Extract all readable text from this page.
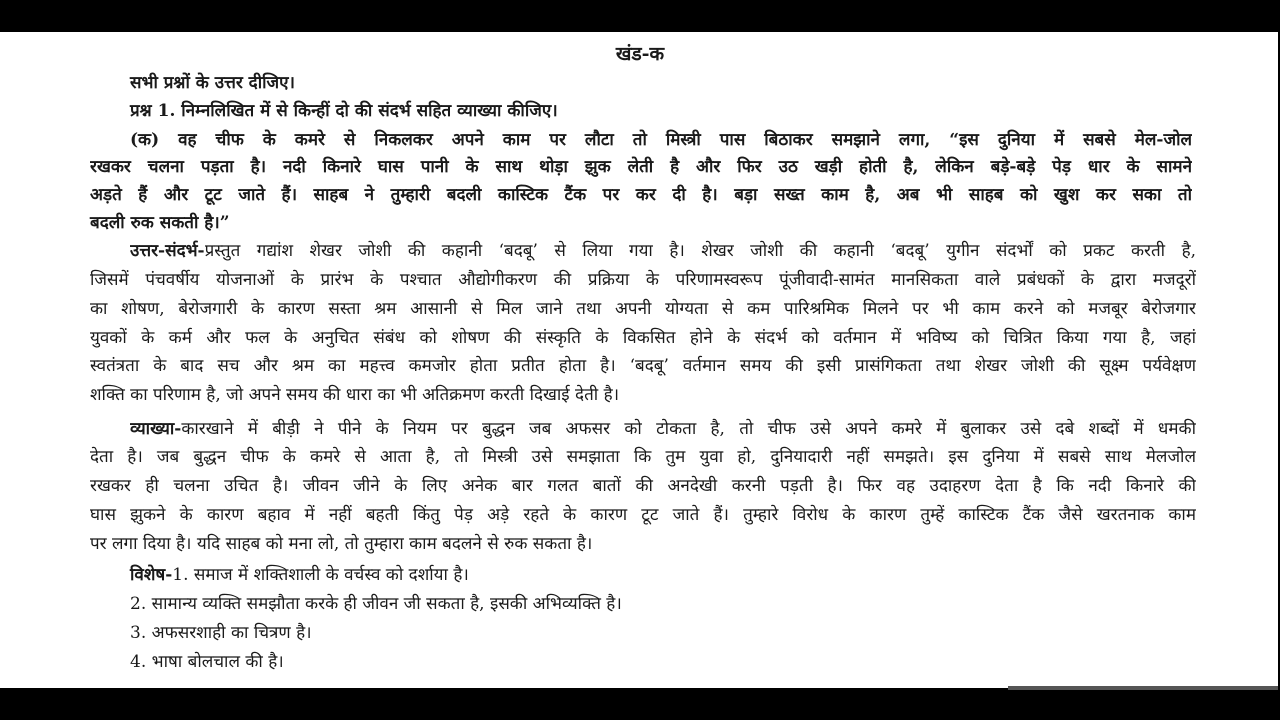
खंड-क
सभी प्रश्नों के उत्तर दीजिए।
प्रश्न 1. निम्नलिखित में से किन्हीं दो की संदर्भ सहित व्याख्या कीजिए।
(क) वह चीफ के कमरे से निकलकर अपने काम पर लौटा तो मिस्त्री पास बिठाकर समझाने लगा, “इस दुनिया में सबसे मेल-जोल
रखकर चलना पड़ता है। नदी किनारे घास पानी के साथ थोड़ा झुक लेती है और फिर उठ खड़ी होती है, लेकिन बड़े-बड़े पेड़ धार के सामने
अड़ते हैं और टूट जाते हैं। साहब ने तुम्हारी बदली कास्टिक टैंक पर कर दी है। बड़ा सख्त काम है, अब भी साहब को खुश कर सका तो
बदली रुक सकती है।”
उत्तर-संदर्भ- प्रस्तुत गद्यांश शेखर जोशी की कहानी ‘बदबू’ से लिया गया है। शेखर जोशी की कहानी ‘बदबू’ युगीन संदर्भों को प्रकट करती है,
जिसमें पंचवर्षीय योजनाओं के प्रारंभ के पश्चात औद्योगीकरण की प्रक्रिया के परिणामस्वरूप पूंजीवादी-सामंत मानसिकता वाले प्रबंधकों के द्वारा मजदूरों
का शोषण, बेरोजगारी के कारण सस्ता श्रम आसानी से मिल जाने तथा अपनी योग्यता से कम पारिश्रमिक मिलने पर भी काम करने को मजबूर बेरोजगार
युवकों के कर्म और फल के अनुचित संबंध को शोषण की संस्कृति के विकसित होने के संदर्भ को वर्तमान में भविष्य को चित्रित किया गया है, जहां
स्वतंत्रता के बाद सच और श्रम का महत्त्व कमजोर होता प्रतीत होता है। ‘बदबू’ वर्तमान समय की इसी प्रासंगिकता तथा शेखर जोशी की सूक्ष्म पर्यवेक्षण
शक्ति का परिणाम है, जो अपने समय की धारा का भी अतिक्रमण करती दिखाई देती है।
व्याख्या- कारखाने में बीड़ी ने पीने के नियम पर बुद्धन जब अफसर को टोकता है, तो चीफ उसे अपने कमरे में बुलाकर उसे दबे शब्दों में धमकी
देता है। जब बुद्धन चीफ के कमरे से आता है, तो मिस्त्री उसे समझाता कि तुम युवा हो, दुनियादारी नहीं समझते। इस दुनिया में सबसे साथ मेलजोल
रखकर ही चलना उचित है। जीवन जीने के लिए अनेक बार गलत बातों की अनदेखी करनी पड़ती है। फिर वह उदाहरण देता है कि नदी किनारे की
घास झुकने के कारण बहाव में नहीं बहती किंतु पेड़ अड़े रहते के कारण टूट जाते हैं। तुम्हारे विरोध के कारण तुम्हें कास्टिक टैंक जैसे खरतनाक काम
पर लगा दिया है। यदि साहब को मना लो, तो तुम्हारा काम बदलने से रुक सकता है।
विशेष-1. समाज में शक्तिशाली के वर्चस्व को दर्शाया है।
2. सामान्य व्यक्ति समझौता करके ही जीवन जी सकता है, इसकी अभिव्यक्ति है।
3. अफसरशाही का चित्रण है।
4. भाषा बोलचाल की है।
